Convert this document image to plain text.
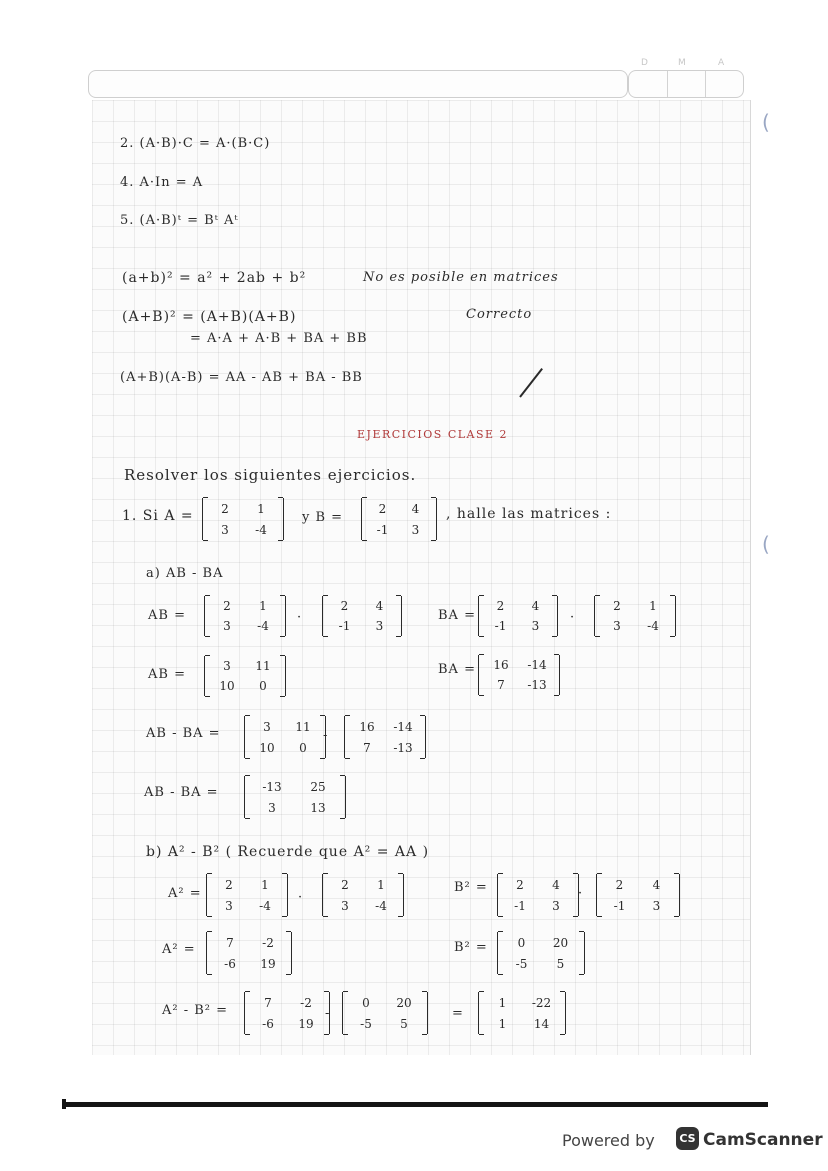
D	M	A
(
(
2. (A·B)·C = A·(B·C)
4. A·In = A
5. (A·B)ᵗ = Bᵗ Aᵗ
(a+b)² = a² + 2ab + b²	No es posible en matrices
(A+B)² = (A+B)(A+B)	Correcto
= A·A + A·B + BA + BB
(A+B)(A-B) = AA - AB + BA - BB
EJERCICIOS CLASE 2
Resolver los siguientes ejercicios.
1. Si A = 2 1
3 -4
y B =
2 4
-1 3
, halle las matrices :
a) AB - BA
AB =
2 1
3 -4
·
2 4
-1 3
BA =
2 4
-1 3
·
2 1
3 -4
AB =
3 11
10 0
BA = 16 -14
7 -13
AB - BA =	3 11
10 0
-
16 -14
7 -13
AB - BA =	-13 25
3	13
b) A² - B² ( Recuerde que A² = AA )
A² =
2 1
3 -4
·
2 1
3 -4
B² = 2 4
-1 3
·
2 4
-1 3
A² =	7 -2
-6 19
B² = 0 20
-5 5
A² - B² =
7 -2
-6 19
-
0 20
-5 5
=
1 -22
1 14
Powered by	CS CamScanner
